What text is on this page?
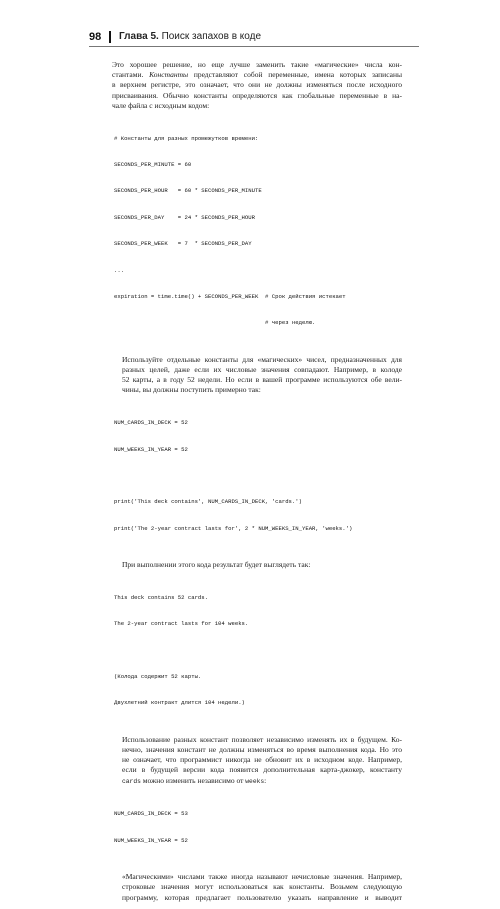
98 Глава 5. Поиск запахов в коде
Это хорошее решение, но еще лучше заменить такие «магические» числа кон-
стантами. Константы представляют собой переменные, имена которых записаны
в верхнем регистре, это означает, что они не должны изменяться после исходного
присваивания. Обычно константы определяются как глобальные переменные в на-
чале файла с исходным кодом:

# Константы для разных промежутков времени:

SECONDS_PER_MINUTE = 60

SECONDS_PER_HOUR   = 60 * SECONDS_PER_MINUTE

SECONDS_PER_DAY    = 24 * SECONDS_PER_HOUR

SECONDS_PER_WEEK   = 7  * SECONDS_PER_DAY

...

expiration = time.time() + SECONDS_PER_WEEK  # Срок действия истекает

# через неделю.

Используйте отдельные константы для «магических» чисел, предназначенных для
разных целей, даже если их числовые значения совпадают. Например, в колоде
52 карты, а в году 52 недели. Но если в вашей программе используются обе вели-
чины, вы должны поступить примерно так:

NUM_CARDS_IN_DECK = 52

NUM_WEEKS_IN_YEAR = 52

print('This deck contains', NUM_CARDS_IN_DECK, 'cards.')

print('The 2-year contract lasts for', 2 * NUM_WEEKS_IN_YEAR, 'weeks.')

При выполнении этого кода результат будет выглядеть так:

This deck contains 52 cards.

The 2-year contract lasts for 104 weeks.

(Колода содержит 52 карты.

Двухлетний контракт длится 104 недели.)

Использование разных констант позволяет независимо изменять их в будущем. Ко-
нечно, значения констант не должны изменяться во время выполнения кода. Но это
не означает, что программист никогда не обновит их в исходном коде. Например,
если в будущей версии кода появится дополнительная карта-джокер, константу
cards можно изменить независимо от weeks:

NUM_CARDS_IN_DECK = 53

NUM_WEEKS_IN_YEAR = 52

«Магическими» числами также иногда называют нечисловые значения. Например,
строковые значения могут использоваться как константы. Возьмем следующую
программу, которая предлагает пользователю указать направление и выводит
